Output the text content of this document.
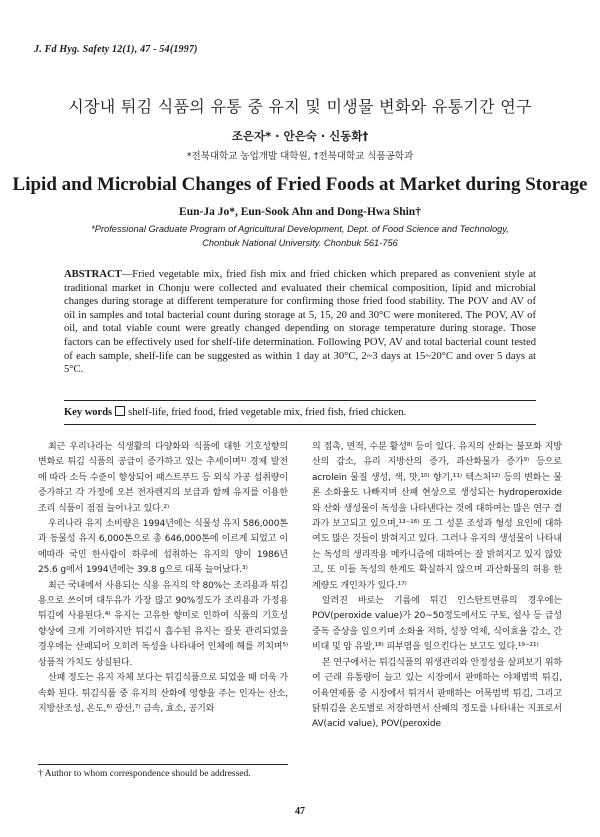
J. Fd Hyg. Safety 12(1), 47 - 54(1997)
시장내 튀김 식품의 유통 중 유지 및 미생물 변화와 유통기간 연구
조은자* · 안은숙 · 신동화†
*전북대학교 농업개발 대학원, †전북대학교 식품공학과
Lipid and Microbial Changes of Fried Foods at Market during Storage
Eun-Ja Jo*, Eun-Sook Ahn and Dong-Hwa Shin†
*Professional Graduate Program of Agricultural Development, Dept. of Food Science and Technology,
Chonbuk National University. Chonbuk 561-756
ABSTRACT—Fried vegetable mix, fried fish mix and fried chicken which prepared as convenient style at traditional market in Chonju were collected and evaluated their chemical composition, lipid and microbial changes during storage at different temperature for confirming those fried food stability. The POV and AV of oil in samples and total bacterial count during storage at 5, 15, 20 and 30°C were monitered. The POV, AV of oil, and total viable count were greatly changed depending on storage temperature during storage. Those factors can be effectively used for shelf-life determination. Following POV, AV and total bacterial count tested of each sample, shelf-life can be suggested as within 1 day at 30°C, 2~3 days at 15~20°C and over 5 days at 5°C.
Key words shelf-life, fried food, fried vegetable mix, fried fish, fried chicken.

최근 우리나라는 식생활의 다양화와 식품에 대한 기호성향의 변화로 튀김 식품의 공급이 증가하고 있는 추세이며¹⁾ 경제 발전에 따라 소득 수준이 향상되어 패스트푸드 등 외식 가공 섭취량이 증가하고 각 가정에 오븐 전자렌지의 보급과 함께 유지를 이용한 조리 식품이 점점 늘어나고 있다.²⁾

우리나라 유지 소비량은 1994년에는 식물성 유지 586,000톤과 동물성 유지 6,000톤으로 총 646,000톤에 이르게 되었고 이에따라 국민 한사람이 하루에 섭취하는 유지의 양이 1986년 25.6 g에서 1994년에는 39.8 g으로 대폭 늘어났다.³⁾

최근 국내에서 사용되는 식용 유지의 약 80%는 조리용과 튀김용으로 쓰이며 대두유가 가장 많고 90%정도가 조리용과 가정용 튀김에 사용된다.⁴⁾ 유지는 고유한 향미로 인하여 식품의 기호성 향상에 크게 기여하지만 튀김시 흡수된 유지는 잘못 관리되었을 경우에는 산패되어 오히려 독성을 나타내어 인체에 해를 끼치며⁵⁾ 상품적 가치도 상실된다.

산패 정도는 유지 자체 보다는 튀김식품으로 되었을 때 더욱 가속화 된다. 튀김식품 중 유지의 산화에 영향을 주는 인자는 산소, 지방산조성, 온도,⁶⁾ 광선,⁷⁾ 금속, 효소, 공기와

의 접촉, 면적, 수분 활성⁸⁾ 등이 있다. 유지의 산화는 불포화 지방산의 감소, 유리 지방산의 증가, 과산화물가 증가⁹⁾ 등으로 acrolein 물질 생성, 색, 맛,¹⁰⁾ 향기,¹¹⁾ 텍스처¹²⁾ 등의 변화는 물론 소화율도 나빠지며 산패 현상으로 생성되는 hydroperoxide 와 산화 생성물이 독성을 나타낸다는 것에 대하여는 많은 연구 결과가 보고되고 있으며,¹³⁻¹⁶⁾ 또 그 성분 조성과 형성 요인에 대하여도 많은 것들이 밝혀지고 있다. 그러나 유지의 생성물이 나타내는 독성의 생리작용 메카니즘에 대하여는 잘 밝혀지고 있지 않았고, 또 이들 독성의 한계도 확실하지 않으며 과산화물의 허용 한계량도 개인차가 있다.¹⁷⁾

알려진 바로는 기름에 튀긴 인스탄트면류의 경우에는 POV(peroxide value)가 20~50정도에서도 구토, 설사 등 급성중독 증상을 일으키며 소화율 저하, 성장 억제, 식이효율 감소, 간비대 및 암 유발,¹⁸⁾ 피부염을 일으킨다는 보고도 있다.¹⁹⁻²¹⁾

본 연구에서는 튀김식품의 위생관리와 안정성을 살펴보기 위하여 근래 유통량이 늘고 있는 시장에서 판매하는 야채범벅 튀김, 어육연제품 중 시장에서 튀겨서 판매하는 어묵범벅 튀김, 그리고 닭튀김을 온도별로 저장하면서 산패의 정도를 나타내는 지표로서 AV(acid value), POV(peroxide

† Author to whom correspondence should be addressed.
47
